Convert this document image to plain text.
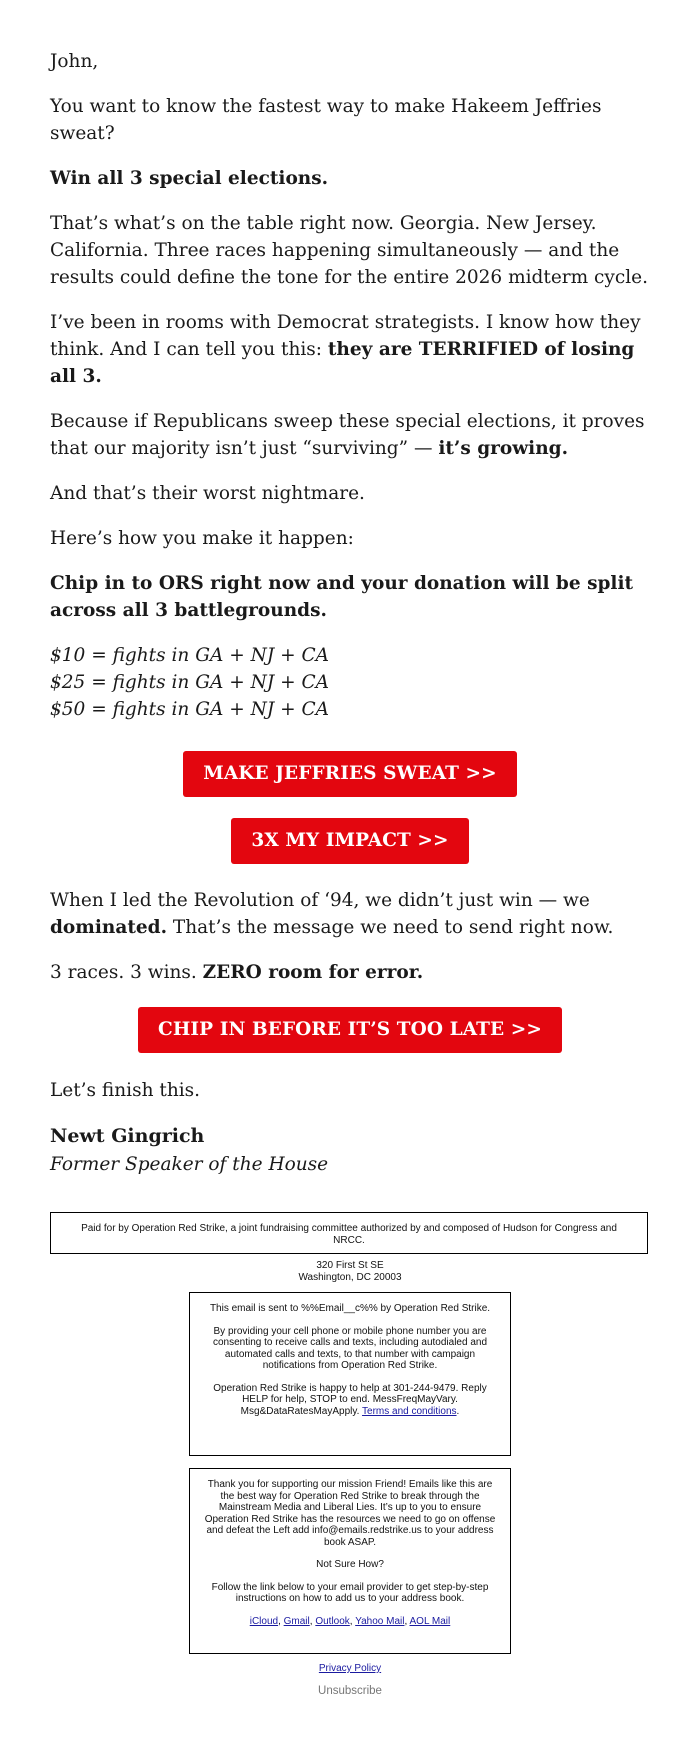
John,

You want to know the fastest way to make Hakeem Jeffries sweat?

Win all 3 special elections.

That’s what’s on the table right now. Georgia. New Jersey. California. Three races happening simultaneously — and the results could define the tone for the entire 2026 midterm cycle.

I’ve been in rooms with Democrat strategists. I know how they think. And I can tell you this: they are TERRIFIED of losing all 3.

Because if Republicans sweep these special elections, it proves that our majority isn’t just “surviving” — it’s growing.

And that’s their worst nightmare.

Here’s how you make it happen:

Chip in to ORS right now and your donation will be split across all 3 battlegrounds.

$10 = fights in GA + NJ + CA
$25 = fights in GA + NJ + CA
$50 = fights in GA + NJ + CA
MAKE JEFFRIES SWEAT >>
3X MY IMPACT >>

When I led the Revolution of ‘94, we didn’t just win — we dominated. That’s the message we need to send right now.

3 races. 3 wins. ZERO room for error.

CHIP IN BEFORE IT’S TOO LATE >>

Let’s finish this.

Newt Gingrich
Former Speaker of the House
Paid for by Operation Red Strike, a joint fundraising committee authorized by and composed of Hudson for Congress and NRCC.
320 First St SE
Washington, DC 20003

This email is sent to %%Email__c%% by Operation Red Strike.

By providing your cell phone or mobile phone number you are consenting to receive calls and texts, including autodialed and automated calls and texts, to that number with campaign notifications from Operation Red Strike.

Operation Red Strike is happy to help at 301-244-9479. Reply HELP for help, STOP to end. MessFreqMayVary. Msg&DataRatesMayApply. Terms and conditions.

Thank you for supporting our mission Friend! Emails like this are the best way for Operation Red Strike to break through the Mainstream Media and Liberal Lies. It’s up to you to ensure Operation Red Strike has the resources we need to go on offense and defeat the Left add info@emails.redstrike.us to your address book ASAP.

Not Sure How?

Follow the link below to your email provider to get step-by-step instructions on how to add us to your address book.

iCloud, Gmail, Outlook, Yahoo Mail, AOL Mail

Privacy Policy
Unsubscribe
